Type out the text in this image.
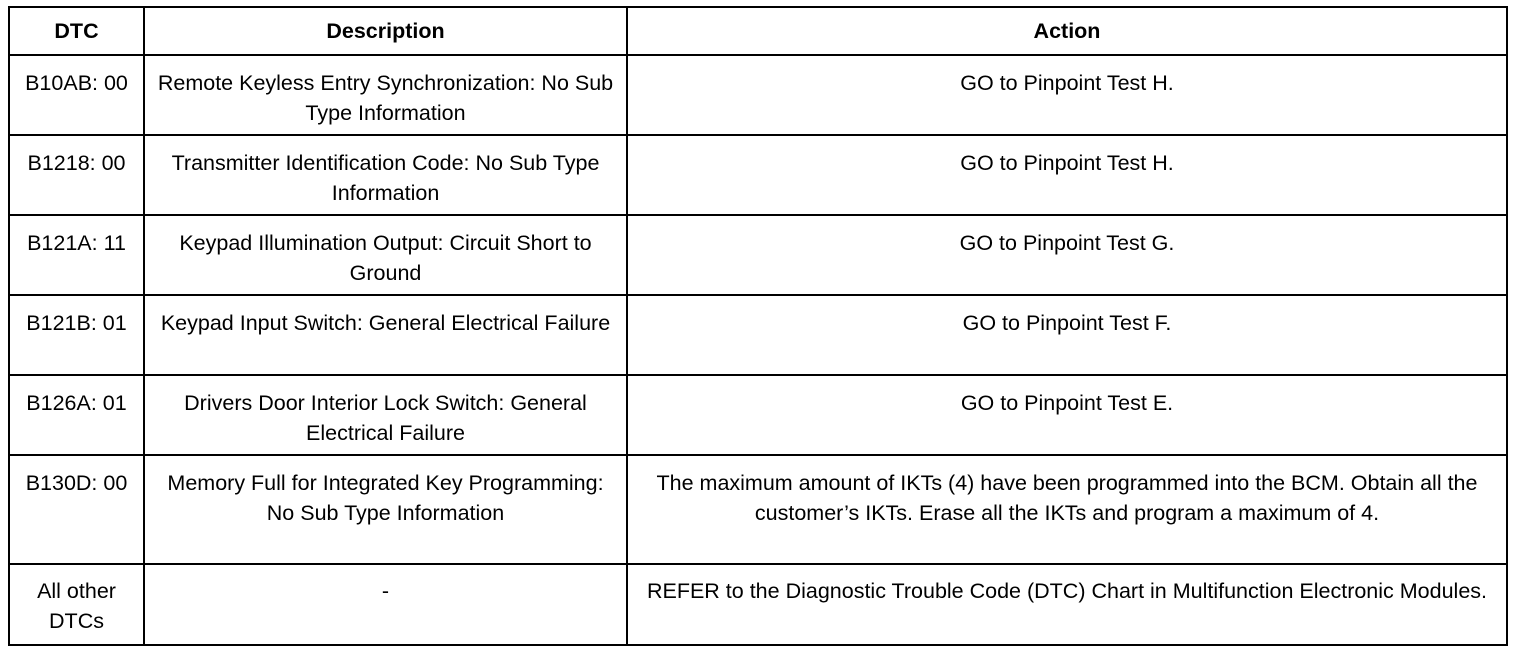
DTC	Description	Action
B10AB: 00	Remote Keyless Entry Synchronization: No Sub Type Information	GO to Pinpoint Test H.
B1218: 00	Transmitter Identification Code: No Sub Type Information	GO to Pinpoint Test H.
B121A: 11	Keypad Illumination Output: Circuit Short to Ground	GO to Pinpoint Test G.
B121B: 01	Keypad Input Switch: General Electrical Failure	GO to Pinpoint Test F.
B126A: 01	Drivers Door Interior Lock Switch: General Electrical Failure	GO to Pinpoint Test E.
B130D: 00	Memory Full for Integrated Key Programming: No Sub Type Information	The maximum amount of IKTs (4) have been programmed into the BCM. Obtain all the customer’s IKTs. Erase all the IKTs and program a maximum of 4.
All other DTCs	-	REFER to the Diagnostic Trouble Code (DTC) Chart in Multifunction Electronic Modules.
